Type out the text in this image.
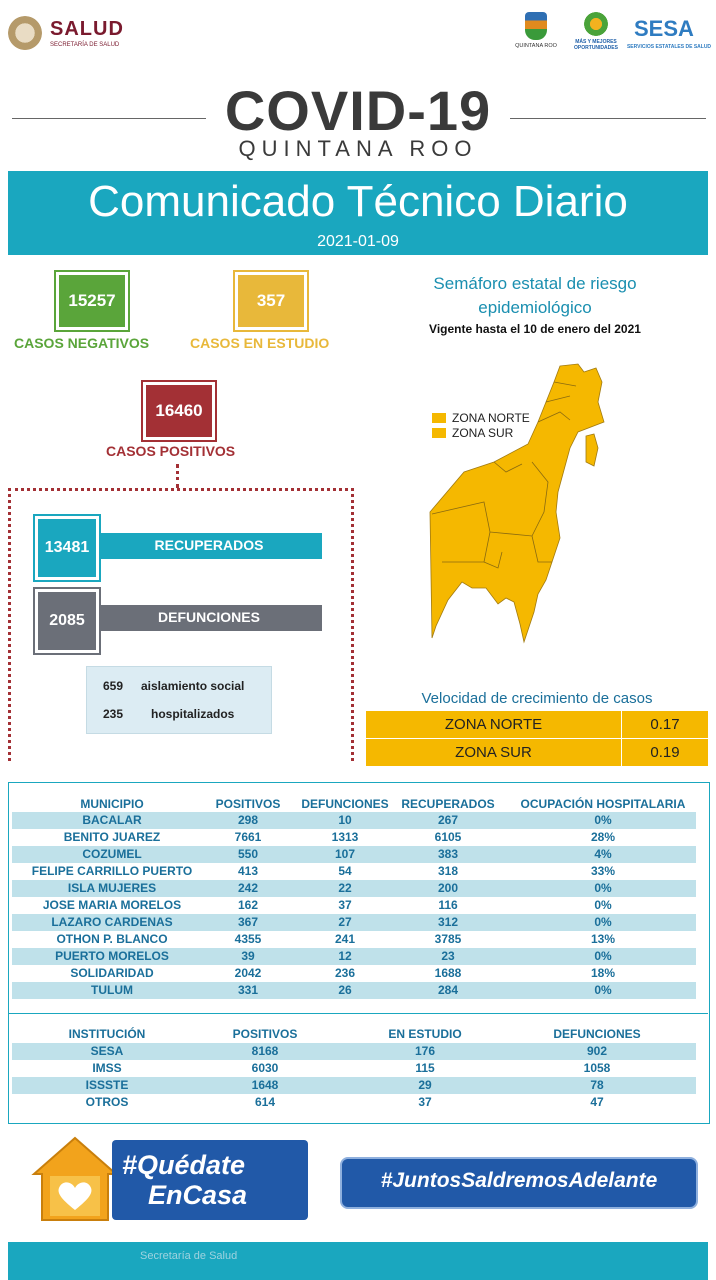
SALUD
SECRETARÍA DE SALUD	QUINTANA ROO
MÁS Y MEJORES OPORTUNIDADES
SESA
SERVICIOS ESTATALES DE SALUD
COVID-19
QUINTANA ROO
Comunicado Técnico Diario
2021-01-09
15257
CASOS NEGATIVOS
357
CASOS EN ESTUDIO
16460
CASOS POSITIVOS
RECUPERADOS
13481
DEFUNCIONES
2085
659 aislamiento social
235 hospitalizados
Semáforo estatal de riesgo epidemiológico
Vigente hasta el 10 de enero del 2021
ZONA NORTE
ZONA SUR
Velocidad de crecimiento de casos
ZONA NORTE	0.17
ZONA SUR	0.19
MUNICIPIO	POSITIVOS	DEFUNCIONES	RECUPERADOS	OCUPACIÓN HOSPITALARIA
BACALAR	298	10	267	0%
BENITO JUAREZ	7661	1313	6105	28%
COZUMEL	550	107	383	4%
FELIPE CARRILLO PUERTO	413	54	318	33%
ISLA MUJERES	242	22	200	0%
JOSE MARIA MORELOS	162	37	116	0%
LAZARO CARDENAS	367	27	312	0%
OTHON P. BLANCO	4355	241	3785	13%
PUERTO MORELOS	39	12	23	0%
SOLIDARIDAD	2042	236	1688	18%
TULUM	331	26	284	0%
INSTITUCIÓN	POSITIVOS	EN ESTUDIO	DEFUNCIONES
SESA	8168	176	902
IMSS	6030	115	1058
ISSSTE	1648	29	78
OTROS	614	37	47
#Quédate
EnCasa	#JuntosSaldremosAdelante
Secretaría de Salud
